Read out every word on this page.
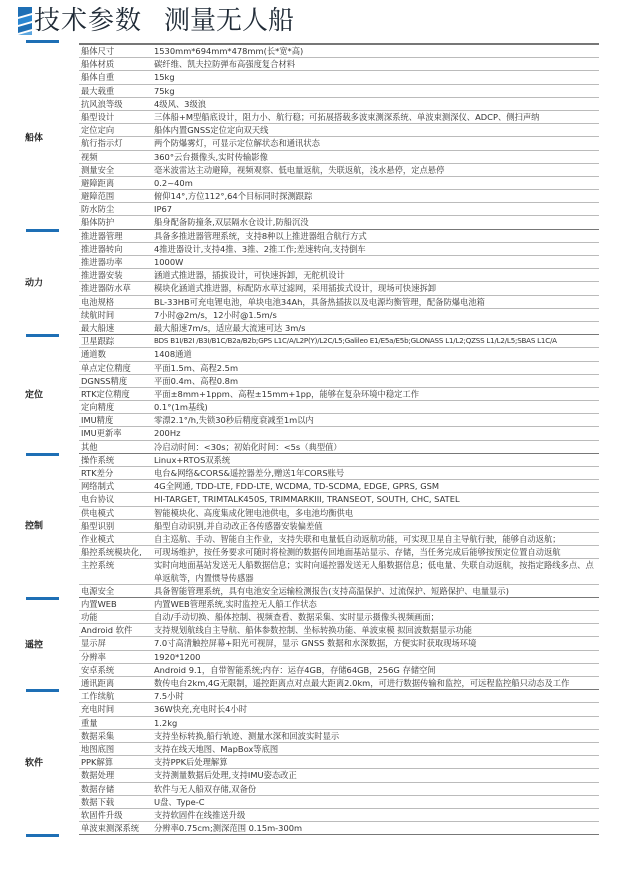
技术参数 测量无人船
船体
船体尺寸	1530mm*694mm*478mm(长*宽*高)
船体材质	碳纤维、凯夫拉防弹布高强度复合材料
船体自重	15kg
最大载重	75kg
抗风浪等级	4级风、3级浪
船型设计	三体船+M型船底设计，阻力小、航行稳；可拓展搭载多波束测深系统、单波束测深仪、ADCP、侧扫声纳
定位定向	船体内置GNSS定位定向双天线
航行指示灯	两个防爆雾灯，可显示定位解状态和通讯状态
视频	360°云台摄像头,实时传输影像
测量安全	毫米波雷达主动避障，视频观察、低电量返航，失联返航，浅水悬停，定点悬停
避障距离	0.2~40m
避障范围	俯仰14°,方位112°,64个目标同时探测跟踪
防水防尘	IP67
船体防护	船身配备防撞条,双层隔水仓设计,防船沉没
动力
推进器管理	具备多推进器管理系统，支持8种以上推进器组合航行方式
推进器转向	4推进器设计,支持4推、3推、2推工作;差速转向,支持倒车
推进器功率	1000W
推进器安装	涵道式推进器，插拔设计，可快速拆卸，无舵机设计
推进器防水草	模块化涵道式推进器，标配防水草过滤网，采用插拔式设计，现场可快速拆卸
电池规格	BL-33HB可充电锂电池，单块电池34Ah，具备热插拔以及电源均衡管理，配备防爆电池箱
续航时间	7小时@2m/s，12小时@1.5m/s
最大船速	最大船速7m/s，适应最大流速可达 3m/s
定位
卫星跟踪	BDS B1I/B2I /B3I/B1C/B2a/B2b;GPS L1C/A/L2P(Y)/L2C/L5;Galileo E1/E5a/E5b;GLONASS L1/L2;QZSS L1/L2/L5;SBAS L1C/A
通道数	1408通道
单点定位精度	平面1.5m、高程2.5m
DGNSS精度	平面0.4m、高程0.8m
RTK定位精度	平面±8mm+1ppm、高程±15mm+1pp，能够在复杂环境中稳定工作
定向精度	0.1°(1m基线)
IMU精度	零漂2.1°/h,失锁30秒后精度衰减至1m以内
IMU更新率	200Hz
其他	冷启动时间：<30s；初始化时间：<5s（典型值）
控制
操作系统	Linux+RTOS双系统
RTK差分	电台&网络&CORS&遥控器差分,赠送1年CORS账号
网络制式	4G全网通, TDD-LTE, FDD-LTE, WCDMA, TD-SCDMA, EDGE, GPRS, GSM
电台协议	HI-TARGET, TRIMTALK450S, TRIMMARKIII, TRANSEOT, SOUTH, CHC, SATEL
供电模式	智能模块化、高度集成化锂电池供电，多电池均衡供电
船型识别	船型自动识别,并自动改正各传感器安装偏差值
作业模式	自主巡航、手动、智能自主作业，支持失联和电量低自动返航功能，可实现卫星自主导航行驶，能够自动返航；
船控系统模块化,	可现场维护，按任务要求可随时将检测的数据传回地面基站显示、存储，当任务完成后能够按预定位置自动返航
主控系统	实时向地面基站发送无人船数据信息；实时向遥控器发送无人船数据信息；低电量、失联自动返航，按指定路线多点、点单返航等，内置惯导传感器
电源安全	具备智能管理系统，具有电池安全运输检测报告(支持高温保护、过流保护、短路保护、电量显示)
遥控
内置WEB	内置WEB管理系统,实时监控无人船工作状态
功能	自动/手动切换、船体控制、视频查看、数据采集、实时显示摄像头视频画面；
Android 软件	支持规划航线自主导航、船体参数控制、坐标转换功能、单波束模 拟回波数据显示功能
显示屏	7.0寸高清触控屏幕+阳光可视屏，显示 GNSS 数据和水深数据，方便实时获取现场环境
分辨率	1920*1200
安卓系统	Android 9.1，自带智能系统;内存：运存4GB，存储64GB，256G 存储空间
通讯距离	数传电台2km,4G无限制，遥控距离点对点最大距离2.0km，可进行数据传输和监控，可远程监控船只动态及工作
软件
工作续航	7.5小时
充电时间	36W快充,充电时长4小时
重量	1.2kg
数据采集	支持坐标转换,船行轨迹、测量水深和回波实时显示
地图底图	支持在线天地图、MapBox等底图
PPK解算	支持PPK后处理解算
数据处理	支持测量数据后处理,支持IMU姿态改正
数据存储	软件与无人船双存储,双备份
数据下载	U盘、Type-C
软固件升级	支持软固件在线推送升级
单波束测深系统	分辨率0.75cm;测深范围 0.15m-300m
